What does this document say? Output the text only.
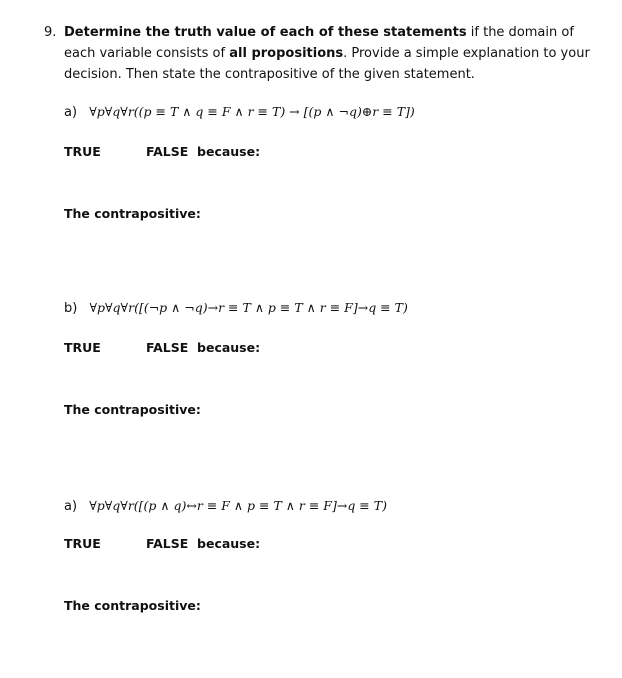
9. Determine the truth value of each of these statements if the domain of each variable consists of all propositions. Provide a simple explanation to your decision. Then state the contrapositive of the given statement.
a) ∀p∀q∀r((p ≡ T ∧ q ≡ F ∧ r ≡ T) → [(p ∧ ¬q)⊕r ≡ T])
TRUE	FALSE because:
The contrapositive:
b) ∀p∀q∀r([(¬p ∧ ¬q)→r ≡ T ∧ p ≡ T ∧ r ≡ F]→q ≡ T)
TRUE	FALSE because:
The contrapositive:
a) ∀p∀q∀r([(p ∧ q)↔r ≡ F ∧ p ≡ T ∧ r ≡ F]→q ≡ T)
TRUE	FALSE because:
The contrapositive:
